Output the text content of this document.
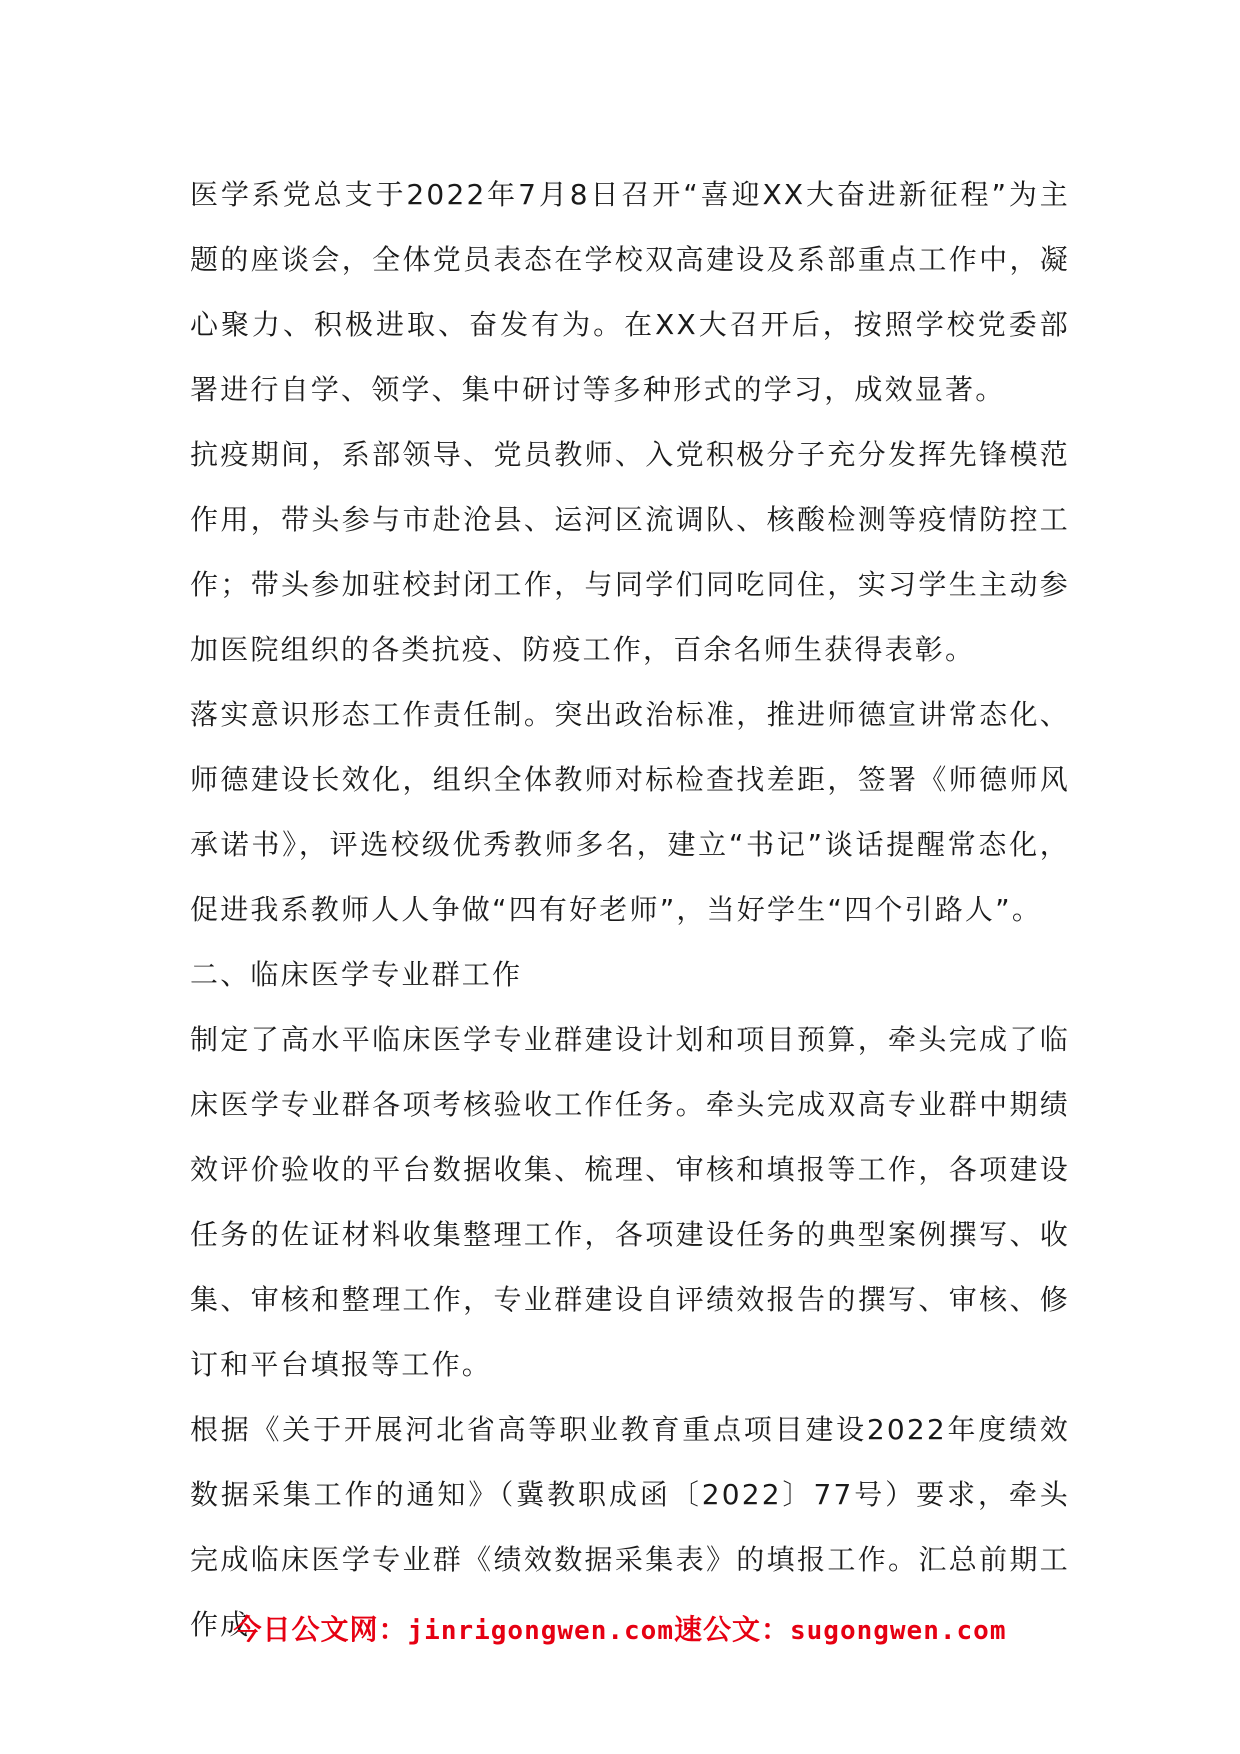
医学系党总支于2022年7月8日召开“喜迎XX大奋进新征程”为主题的座谈会，全体党员表态在学校双高建设及系部重点工作中，凝心聚力、积极进取、奋发有为。在XX大召开后，按照学校党委部署进行自学、领学、集中研讨等多种形式的学习，成效显著。

抗疫期间，系部领导、党员教师、入党积极分子充分发挥先锋模范作用，带头参与市赴沧县、运河区流调队、核酸检测等疫情防控工作；带头参加驻校封闭工作，与同学们同吃同住，实习学生主动参加医院组织的各类抗疫、防疫工作，百余名师生获得表彰。

落实意识形态工作责任制。突出政治标准，推进师德宣讲常态化、师德建设长效化，组织全体教师对标检查找差距，签署《师德师风承诺书》，评选校级优秀教师多名，建立“书记”谈话提醒常态化，促进我系教师人人争做“四有好老师”，当好学生“四个引路人”。

二、临床医学专业群工作

制定了高水平临床医学专业群建设计划和项目预算，牵头完成了临床医学专业群各项考核验收工作任务。牵头完成双高专业群中期绩效评价验收的平台数据收集、梳理、审核和填报等工作，各项建设任务的佐证材料收集整理工作，各项建设任务的典型案例撰写、收集、审核和整理工作，专业群建设自评绩效报告的撰写、审核、修订和平台填报等工作。

根据《关于开展河北省高等职业教育重点项目建设2022年度绩效数据采集工作的通知》（冀教职成函〔2022〕77号）要求，牵头完成临床医学专业群《绩效数据采集表》的填报工作。汇总前期工作成

今日公文网：jinrigongwen.com速公文：sugongwen.com
